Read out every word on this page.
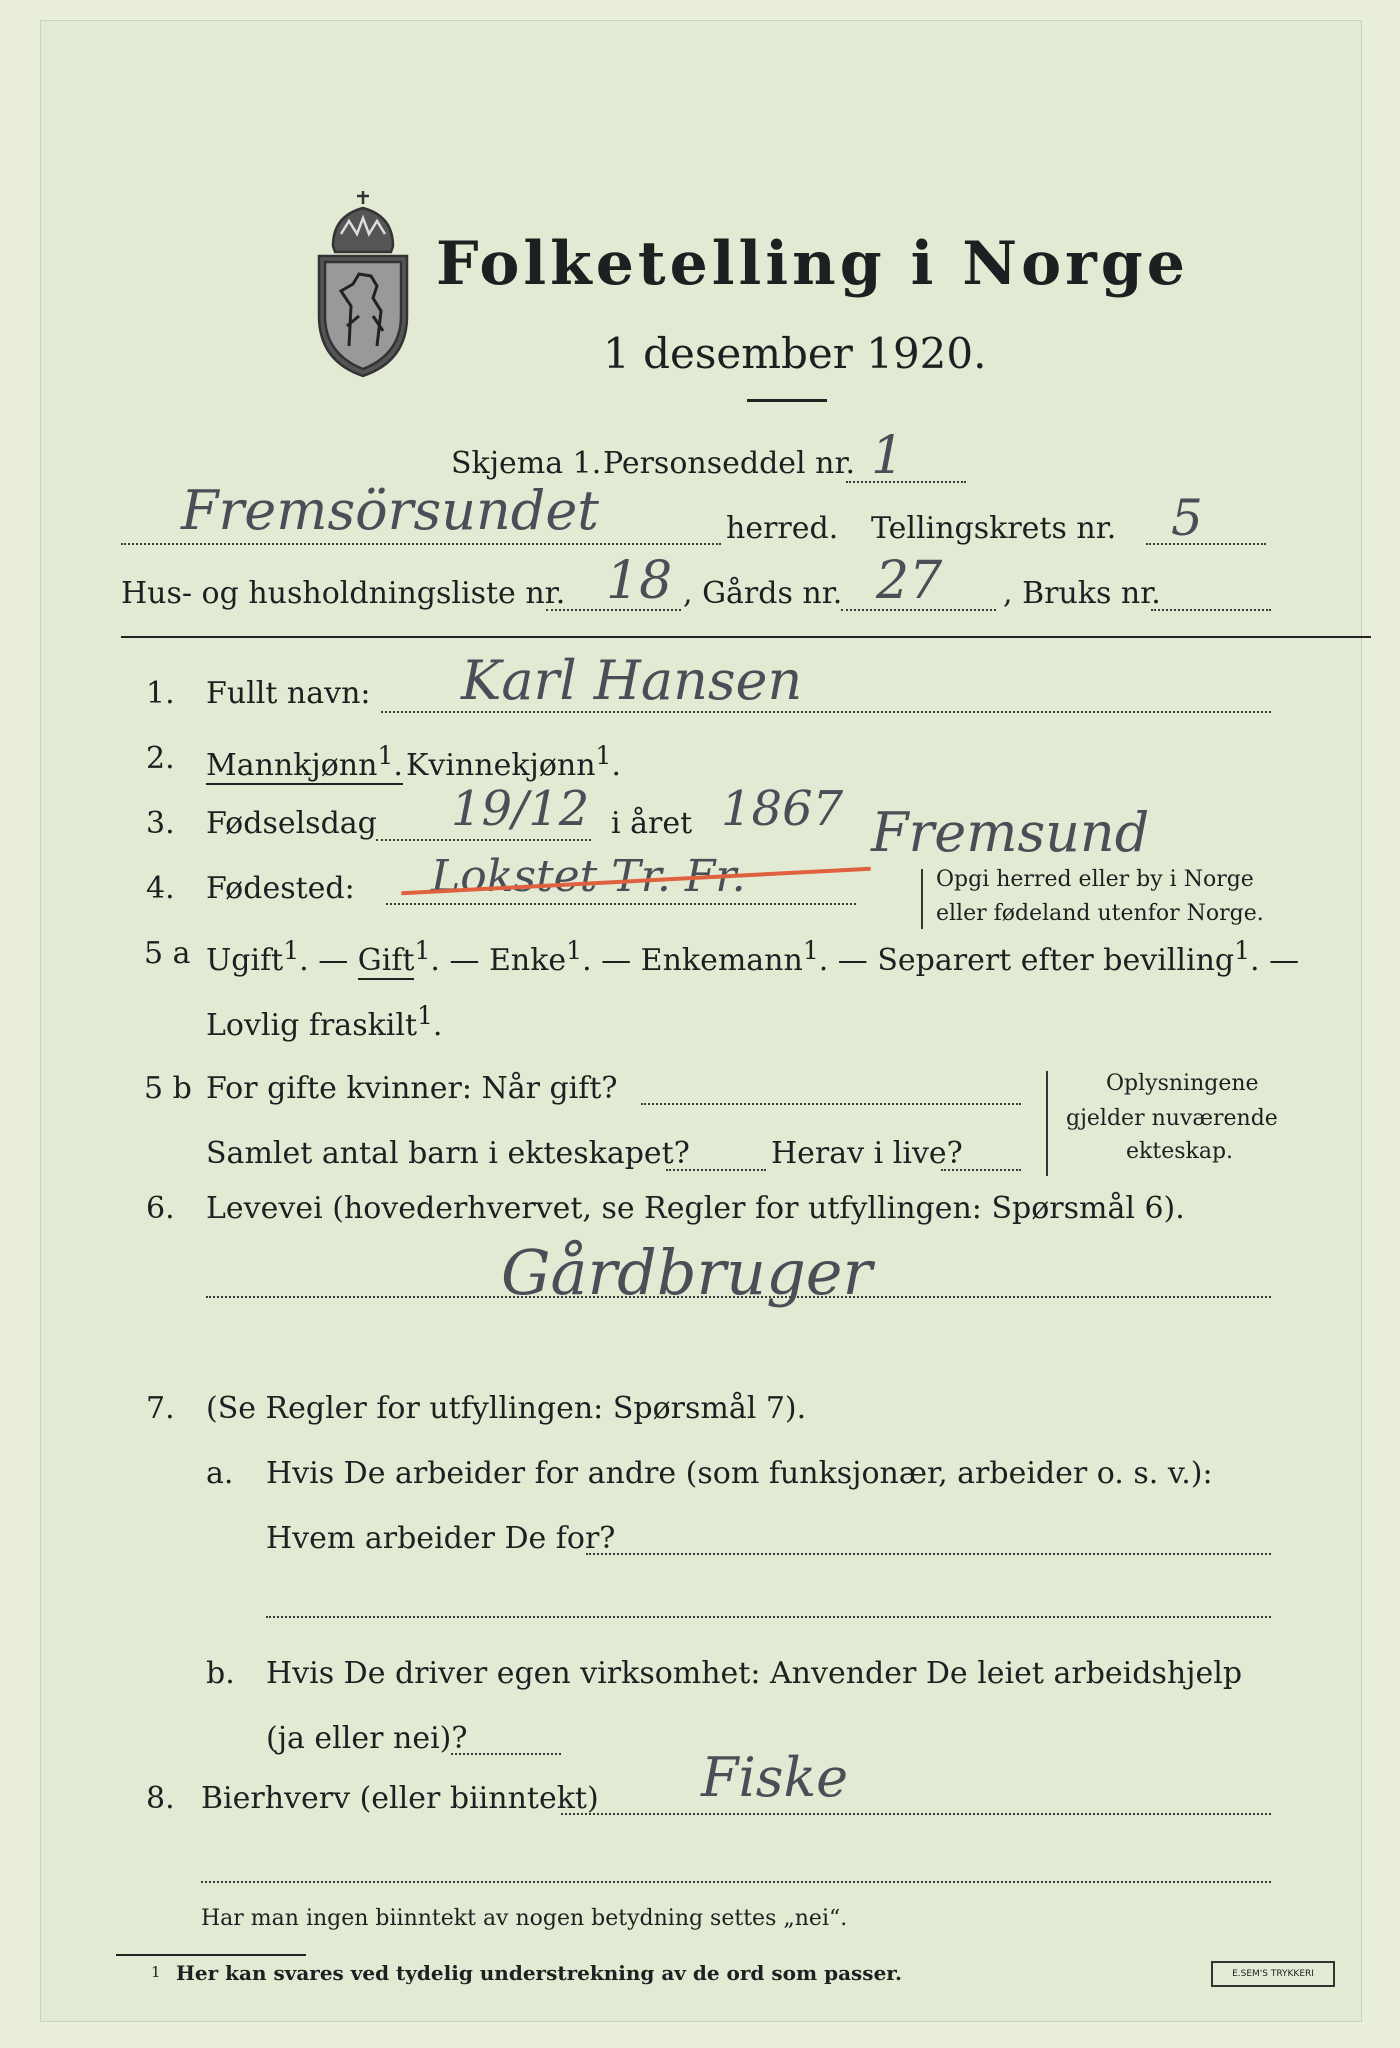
Folketelling i Norge
1 desember 1920.
Skjema 1. Personseddel nr. 1
Fremsörsundet	herred. Tellingskrets nr. 5
Hus- og husholdningsliste nr. 18 , Gårds nr. 27 , Bruks nr.
1. Fullt navn: Karl Hansen
2. Mannkjønn$^1$. Kvinnekjønn$^1$.
3. Fødselsdag 19/12 i året 1867
4. Fødested: Lokstet Tr. Fr.
Fremsund
Opgi herred eller by i Norge
eller fødeland utenfor Norge.
5 a Ugift$^1$. — Gift$^1$. — Enke$^1$. — Enkemann$^1$. — Separert efter bevilling$^1$. —
Lovlig fraskilt$^1$.
5 b For gifte kvinner: Når gift?
Samlet antal barn i ekteskapet?	Herav i live?
Oplysningene
gjelder nuværende
ekteskap.
6. Levevei (hovederhvervet, se Regler for utfyllingen: Spørsmål 6).
Gårdbruger
7. (Se Regler for utfyllingen: Spørsmål 7).
a. Hvis De arbeider for andre (som funksjonær, arbeider o. s. v.):
Hvem arbeider De for?
b. Hvis De driver egen virksomhet: Anvender De leiet arbeidshjelp
(ja eller nei)?
8. Bierhverv (eller biinntekt) Fiske
Har man ingen biinntekt av nogen betydning settes „nei“.
1 Her kan svares ved tydelig understrekning av de ord som passer.	E.SEM'S TRYKKERI
